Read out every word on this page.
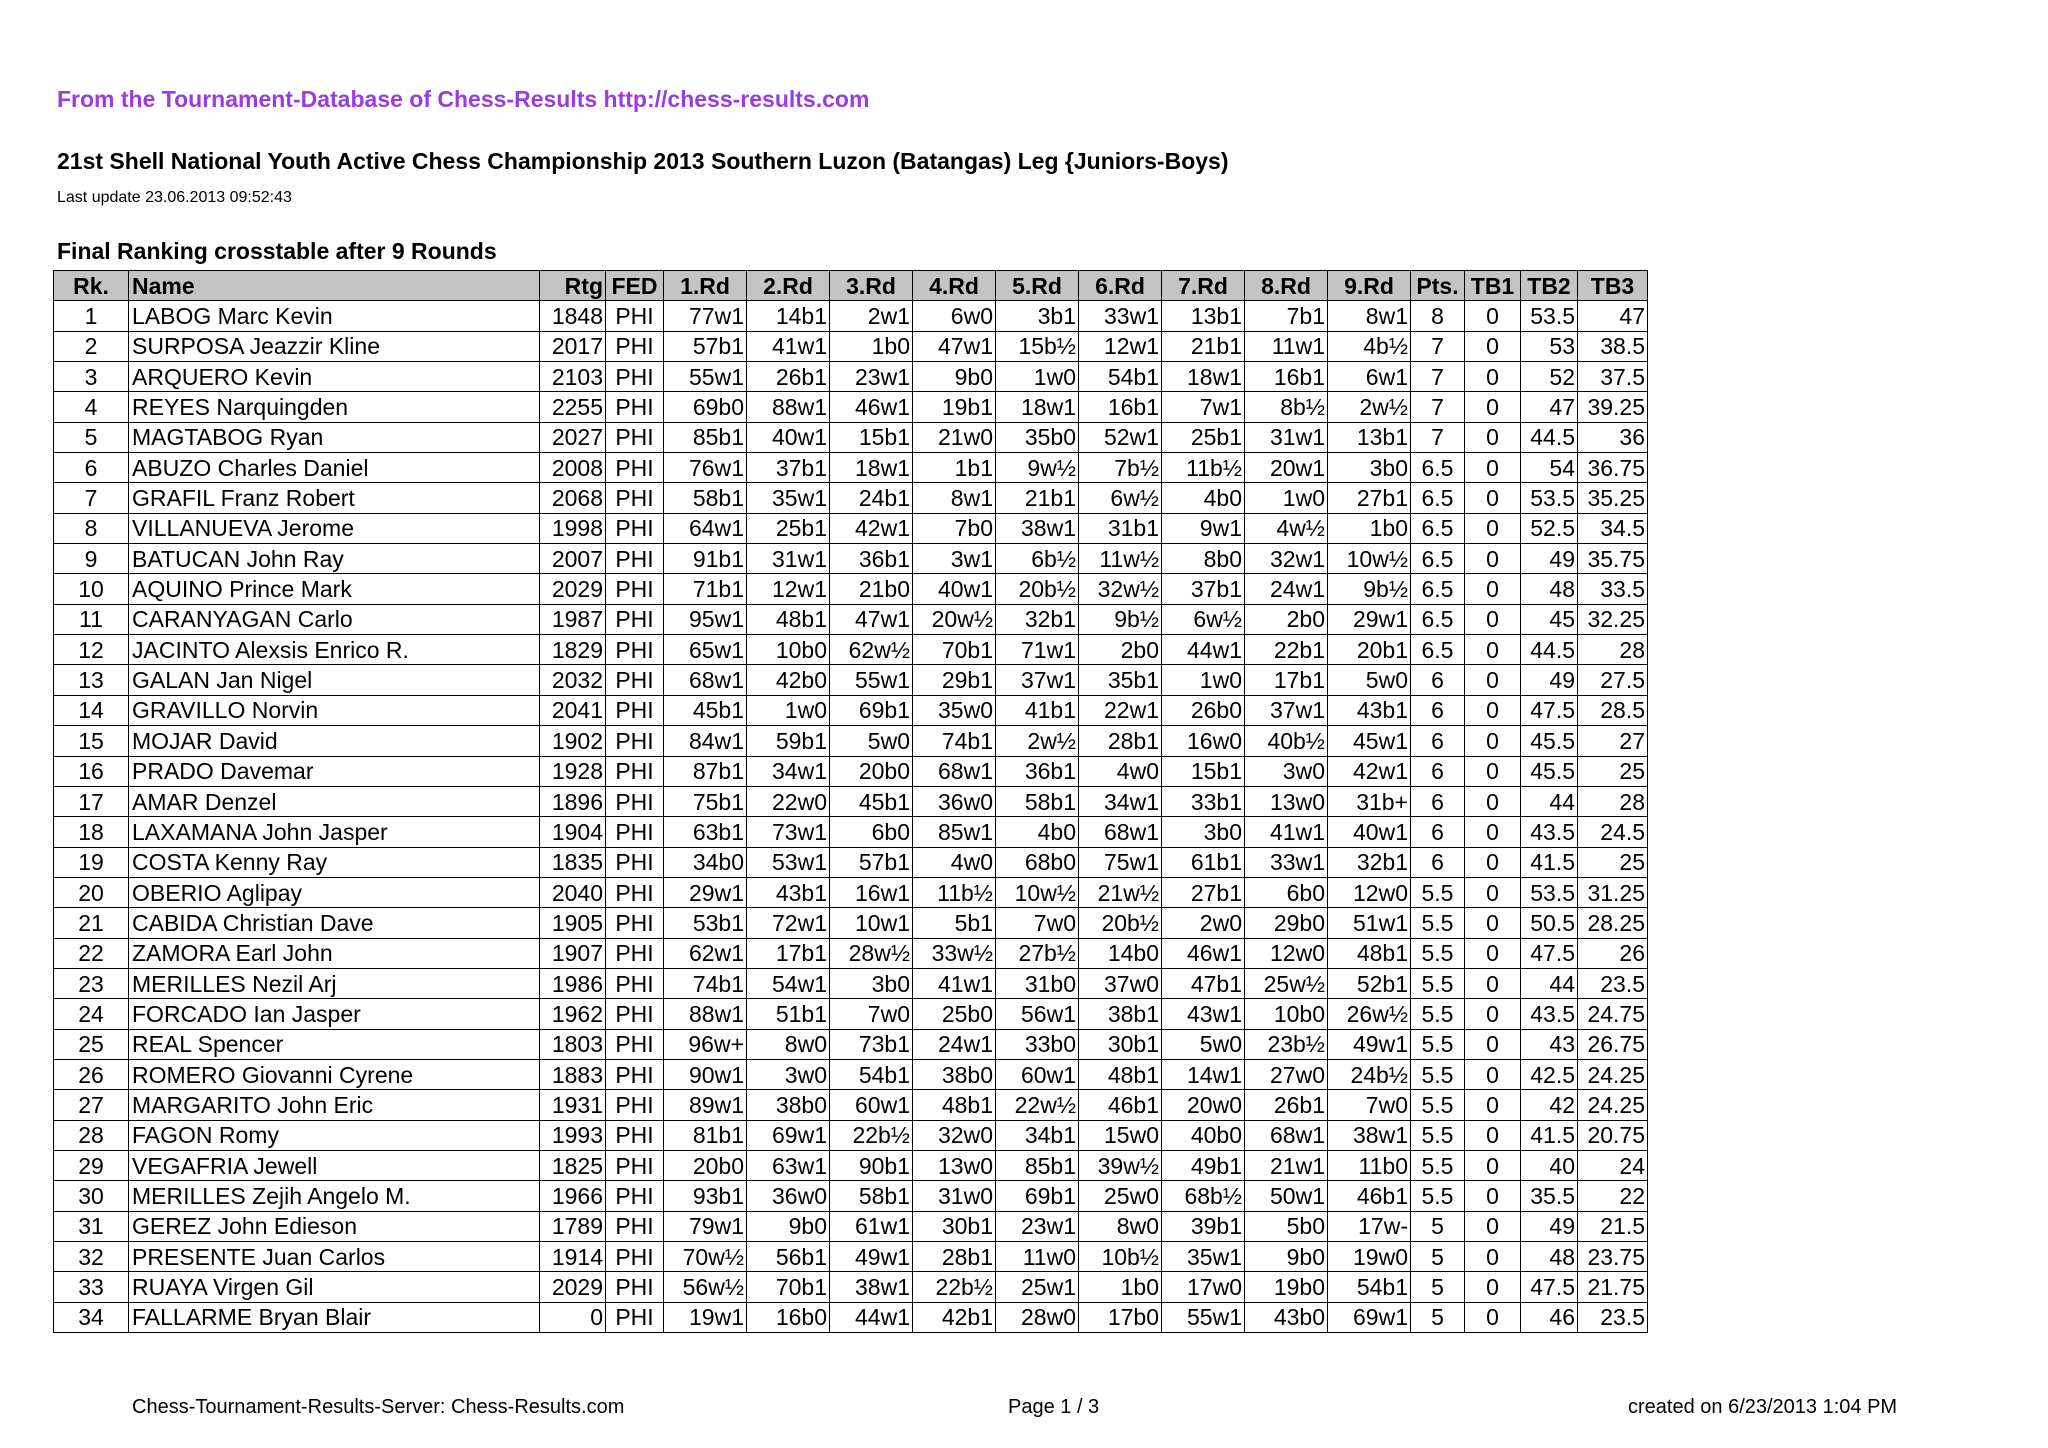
From the Tournament-Database of Chess-Results http://chess-results.com
21st Shell National Youth Active Chess Championship 2013 Southern Luzon (Batangas) Leg {Juniors-Boys)
Last update 23.06.2013 09:52:43
Final Ranking crosstable after 9 Rounds
Rk.	Name	Rtg	FED	1.Rd	2.Rd	3.Rd	4.Rd	5.Rd	6.Rd	7.Rd	8.Rd	9.Rd	Pts.	TB1	TB2	TB3
1	LABOG Marc Kevin	1848	PHI	77w1	14b1	2w1	6w0	3b1	33w1	13b1	7b1	8w1	8	0	53.5	47
2	SURPOSA Jeazzir Kline	2017	PHI	57b1	41w1	1b0	47w1	15b½	12w1	21b1	11w1	4b½	7	0	53	38.5
3	ARQUERO Kevin	2103	PHI	55w1	26b1	23w1	9b0	1w0	54b1	18w1	16b1	6w1	7	0	52	37.5
4	REYES Narquingden	2255	PHI	69b0	88w1	46w1	19b1	18w1	16b1	7w1	8b½	2w½	7	0	47	39.25
5	MAGTABOG Ryan	2027	PHI	85b1	40w1	15b1	21w0	35b0	52w1	25b1	31w1	13b1	7	0	44.5	36
6	ABUZO Charles Daniel	2008	PHI	76w1	37b1	18w1	1b1	9w½	7b½	11b½	20w1	3b0	6.5	0	54	36.75
7	GRAFIL Franz Robert	2068	PHI	58b1	35w1	24b1	8w1	21b1	6w½	4b0	1w0	27b1	6.5	0	53.5	35.25
8	VILLANUEVA Jerome	1998	PHI	64w1	25b1	42w1	7b0	38w1	31b1	9w1	4w½	1b0	6.5	0	52.5	34.5
9	BATUCAN John Ray	2007	PHI	91b1	31w1	36b1	3w1	6b½	11w½	8b0	32w1	10w½	6.5	0	49	35.75
10	AQUINO Prince Mark	2029	PHI	71b1	12w1	21b0	40w1	20b½	32w½	37b1	24w1	9b½	6.5	0	48	33.5
11	CARANYAGAN Carlo	1987	PHI	95w1	48b1	47w1	20w½	32b1	9b½	6w½	2b0	29w1	6.5	0	45	32.25
12	JACINTO Alexsis Enrico R.	1829	PHI	65w1	10b0	62w½	70b1	71w1	2b0	44w1	22b1	20b1	6.5	0	44.5	28
13	GALAN Jan Nigel	2032	PHI	68w1	42b0	55w1	29b1	37w1	35b1	1w0	17b1	5w0	6	0	49	27.5
14	GRAVILLO Norvin	2041	PHI	45b1	1w0	69b1	35w0	41b1	22w1	26b0	37w1	43b1	6	0	47.5	28.5
15	MOJAR David	1902	PHI	84w1	59b1	5w0	74b1	2w½	28b1	16w0	40b½	45w1	6	0	45.5	27
16	PRADO Davemar	1928	PHI	87b1	34w1	20b0	68w1	36b1	4w0	15b1	3w0	42w1	6	0	45.5	25
17	AMAR Denzel	1896	PHI	75b1	22w0	45b1	36w0	58b1	34w1	33b1	13w0	31b+	6	0	44	28
18	LAXAMANA John Jasper	1904	PHI	63b1	73w1	6b0	85w1	4b0	68w1	3b0	41w1	40w1	6	0	43.5	24.5
19	COSTA Kenny Ray	1835	PHI	34b0	53w1	57b1	4w0	68b0	75w1	61b1	33w1	32b1	6	0	41.5	25
20	OBERIO Aglipay	2040	PHI	29w1	43b1	16w1	11b½	10w½	21w½	27b1	6b0	12w0	5.5	0	53.5	31.25
21	CABIDA Christian Dave	1905	PHI	53b1	72w1	10w1	5b1	7w0	20b½	2w0	29b0	51w1	5.5	0	50.5	28.25
22	ZAMORA Earl John	1907	PHI	62w1	17b1	28w½	33w½	27b½	14b0	46w1	12w0	48b1	5.5	0	47.5	26
23	MERILLES Nezil Arj	1986	PHI	74b1	54w1	3b0	41w1	31b0	37w0	47b1	25w½	52b1	5.5	0	44	23.5
24	FORCADO Ian Jasper	1962	PHI	88w1	51b1	7w0	25b0	56w1	38b1	43w1	10b0	26w½	5.5	0	43.5	24.75
25	REAL Spencer	1803	PHI	96w+	8w0	73b1	24w1	33b0	30b1	5w0	23b½	49w1	5.5	0	43	26.75
26	ROMERO Giovanni Cyrene	1883	PHI	90w1	3w0	54b1	38b0	60w1	48b1	14w1	27w0	24b½	5.5	0	42.5	24.25
27	MARGARITO John Eric	1931	PHI	89w1	38b0	60w1	48b1	22w½	46b1	20w0	26b1	7w0	5.5	0	42	24.25
28	FAGON Romy	1993	PHI	81b1	69w1	22b½	32w0	34b1	15w0	40b0	68w1	38w1	5.5	0	41.5	20.75
29	VEGAFRIA Jewell	1825	PHI	20b0	63w1	90b1	13w0	85b1	39w½	49b1	21w1	11b0	5.5	0	40	24
30	MERILLES Zejih Angelo M.	1966	PHI	93b1	36w0	58b1	31w0	69b1	25w0	68b½	50w1	46b1	5.5	0	35.5	22
31	GEREZ John Edieson	1789	PHI	79w1	9b0	61w1	30b1	23w1	8w0	39b1	5b0	17w-	5	0	49	21.5
32	PRESENTE Juan Carlos	1914	PHI	70w½	56b1	49w1	28b1	11w0	10b½	35w1	9b0	19w0	5	0	48	23.75
33	RUAYA Virgen Gil	2029	PHI	56w½	70b1	38w1	22b½	25w1	1b0	17w0	19b0	54b1	5	0	47.5	21.75
34	FALLARME Bryan Blair	0	PHI	19w1	16b0	44w1	42b1	28w0	17b0	55w1	43b0	69w1	5	0	46	23.5
Chess-Tournament-Results-Server: Chess-Results.com	Page 1 / 3	created on 6/23/2013 1:04 PM
